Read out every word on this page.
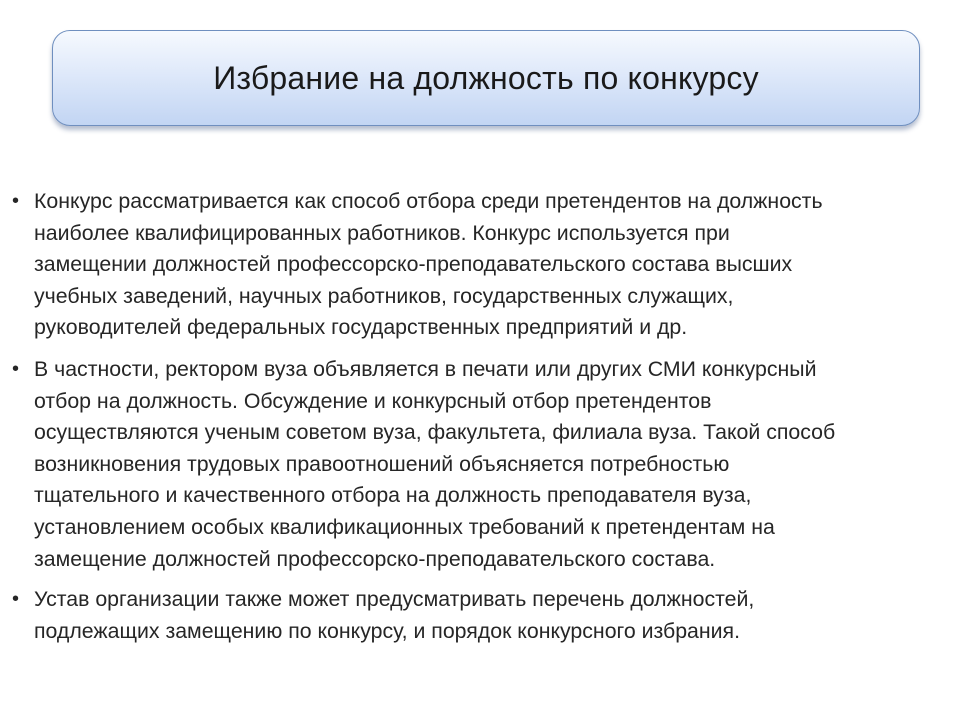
Избрание на должность по конкурсу
• Конкурс рассматривается как способ отбора среди претендентов на должность
наиболее квалифицированных работников. Конкурс используется при
замещении должностей профессорско-преподавательского состава высших
учебных заведений, научных работников, государственных служащих,
руководителей федеральных государственных предприятий и др.
• В частности, ректором вуза объявляется в печати или других СМИ конкурсный
отбор на должность. Обсуждение и конкурсный отбор претендентов
осуществляются ученым советом вуза, факультета, филиала вуза. Такой способ
возникновения трудовых правоотношений объясняется потребностью
тщательного и качественного отбора на должность преподавателя вуза,
установлением особых квалификационных требований к претендентам на
замещение должностей профессорско-преподавательского состава.
• Устав организации также может предусматривать перечень должностей,
подлежащих замещению по конкурсу, и порядок конкурсного избрания.
